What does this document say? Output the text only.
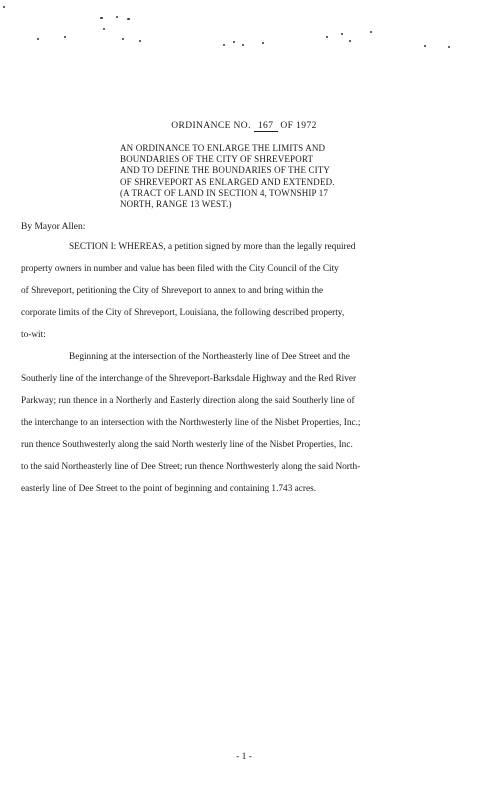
ORDINANCE NO. 167 OF 1972
AN ORDINANCE TO ENLARGE THE LIMITS AND
BOUNDARIES OF THE CITY OF SHREVEPORT
AND TO DEFINE THE BOUNDARIES OF THE CITY
OF SHREVEPORT AS ENLARGED AND EXTENDED.
(A TRACT OF LAND IN SECTION 4, TOWNSHIP 17
NORTH, RANGE 13 WEST.)
By Mayor Allen:
SECTION I: WHEREAS, a petition signed by more than the legally required
property owners in number and value has been filed with the City Council of the City
of Shreveport, petitioning the City of Shreveport to annex to and bring within the
corporate limits of the City of Shreveport, Louisiana, the following described property,
to-wit:
Beginning at the intersection of the Northeasterly line of Dee Street and the
Southerly line of the interchange of the Shreveport-Barksdale Highway and the Red River
Parkway; run thence in a Northerly and Easterly direction along the said Southerly line of
the interchange to an intersection with the Northwesterly line of the Nisbet Properties, Inc.;
run thence Southwesterly along the said North westerly line of the Nisbet Properties, Inc.
to the said Northeasterly line of Dee Street; run thence Northwesterly along the said North-
easterly line of Dee Street to the point of beginning and containing 1.743 acres.
- 1 -
